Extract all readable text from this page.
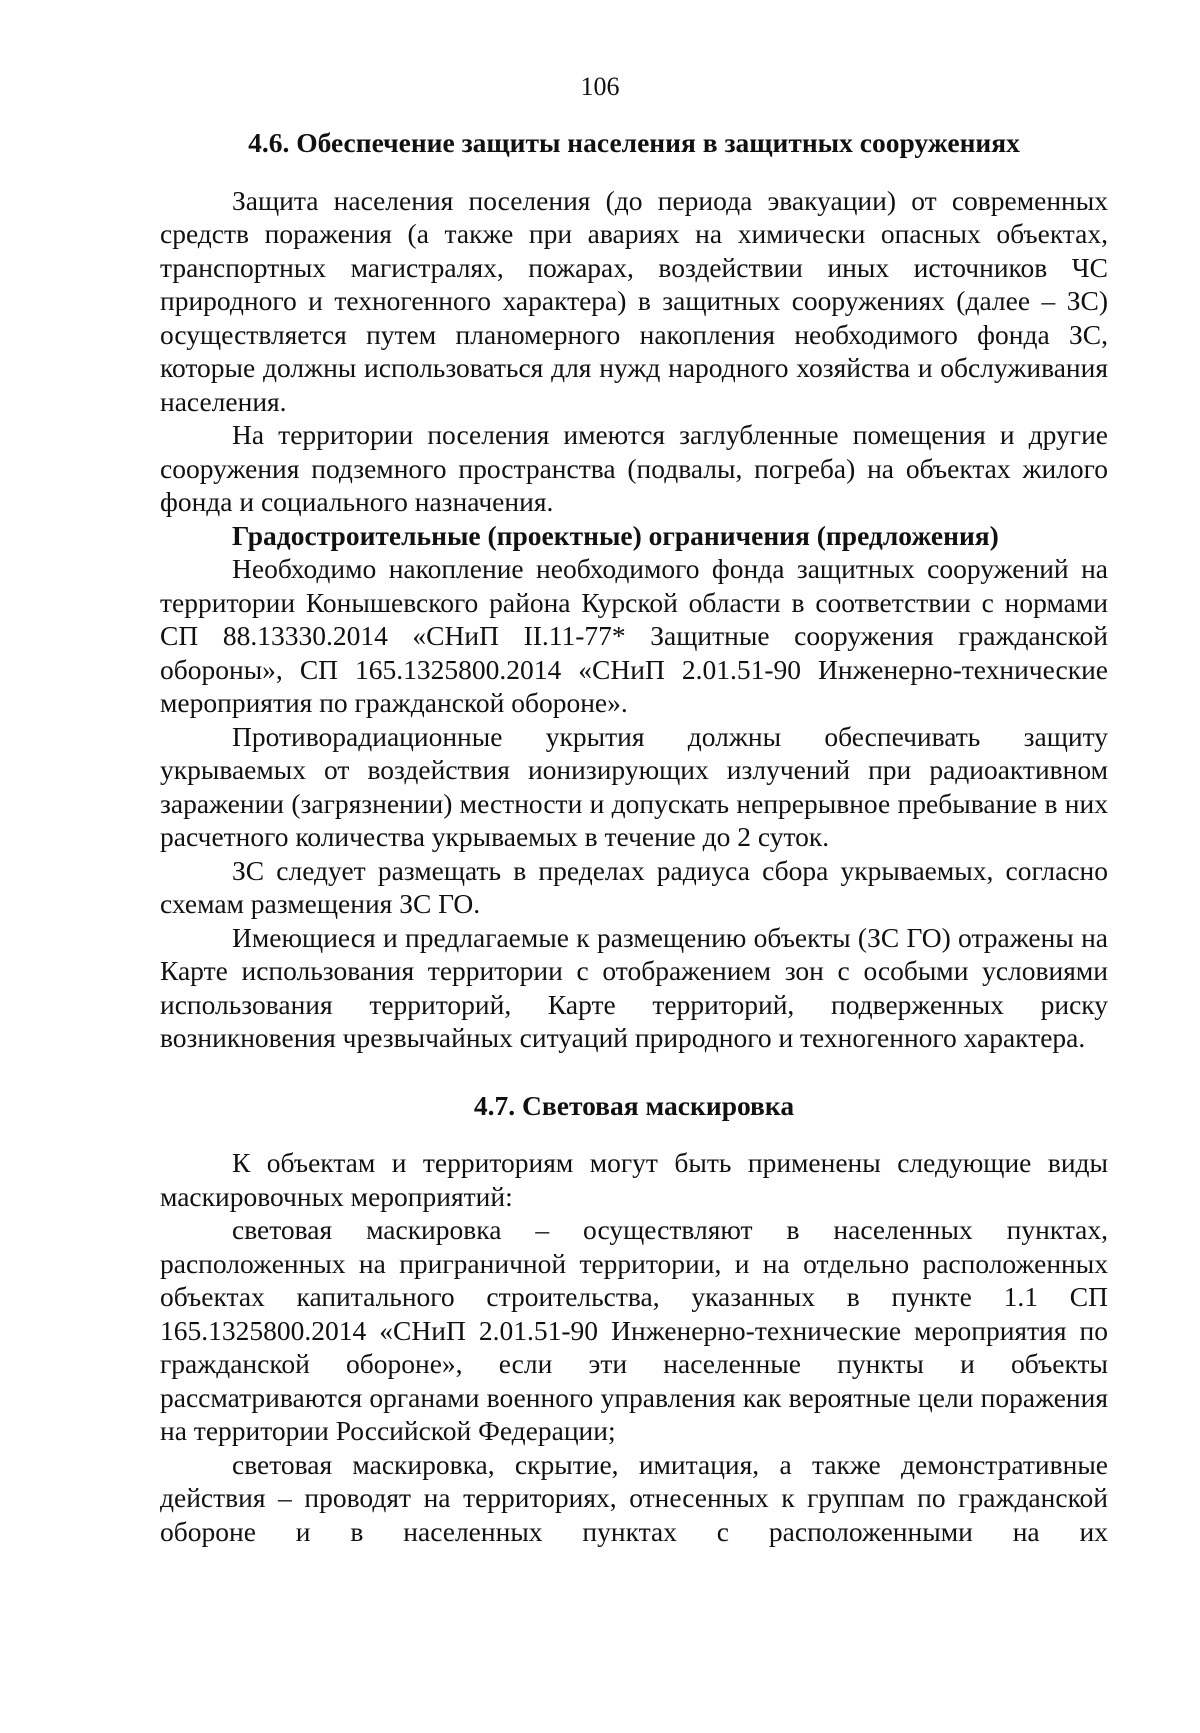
106

4.6. Обеспечение защиты населения в защитных сооружениях

Защита населения поселения (до периода эвакуации) от современных средств поражения (а также при авариях на химически опасных объектах, транспортных магистралях, пожарах, воздействии иных источников ЧС природного и техногенного характера) в защитных сооружениях (далее – ЗС) осуществляется путем планомерного накопления необходимого фонда ЗС, которые должны использоваться для нужд народного хозяйства и обслуживания населения.

На территории поселения имеются заглубленные помещения и другие сооружения подземного пространства (подвалы, погреба) на объектах жилого фонда и социального назначения.

Градостроительные (проектные) ограничения (предложения)

Необходимо накопление необходимого фонда защитных сооружений на территории Конышевского района Курской области в соответствии с нормами СП 88.13330.2014 «СНиП II.11-77* Защитные сооружения гражданской обороны», СП 165.1325800.2014 «СНиП 2.01.51-90 Инженерно-технические мероприятия по гражданской обороне».

Противорадиационные укрытия должны обеспечивать защиту укрываемых от воздействия ионизирующих излучений при радиоактивном заражении (загрязнении) местности и допускать непрерывное пребывание в них расчетного количества укрываемых в течение до 2 суток.

ЗС следует размещать в пределах радиуса сбора укрываемых, согласно схемам размещения ЗС ГО.

Имеющиеся и предлагаемые к размещению объекты (ЗС ГО) отражены на Карте использования территории с отображением зон с особыми условиями использования территорий, Карте территорий, подверженных риску возникновения чрезвычайных ситуаций природного и техногенного характера.

4.7. Световая маскировка

К объектам и территориям могут быть применены следующие виды маскировочных мероприятий:

световая маскировка – осуществляют в населенных пунктах, расположенных на приграничной территории, и на отдельно расположенных объектах капитального строительства, указанных в пункте 1.1 СП 165.1325800.2014 «СНиП 2.01.51-90 Инженерно-технические мероприятия по гражданской обороне», если эти населенные пункты и объекты рассматриваются органами военного управления как вероятные цели поражения на территории Российской Федерации;

световая маскировка, скрытие, имитация, а также демонстративные действия – проводят на территориях, отнесенных к группам по гражданской обороне и в населенных пунктах с расположенными на их
